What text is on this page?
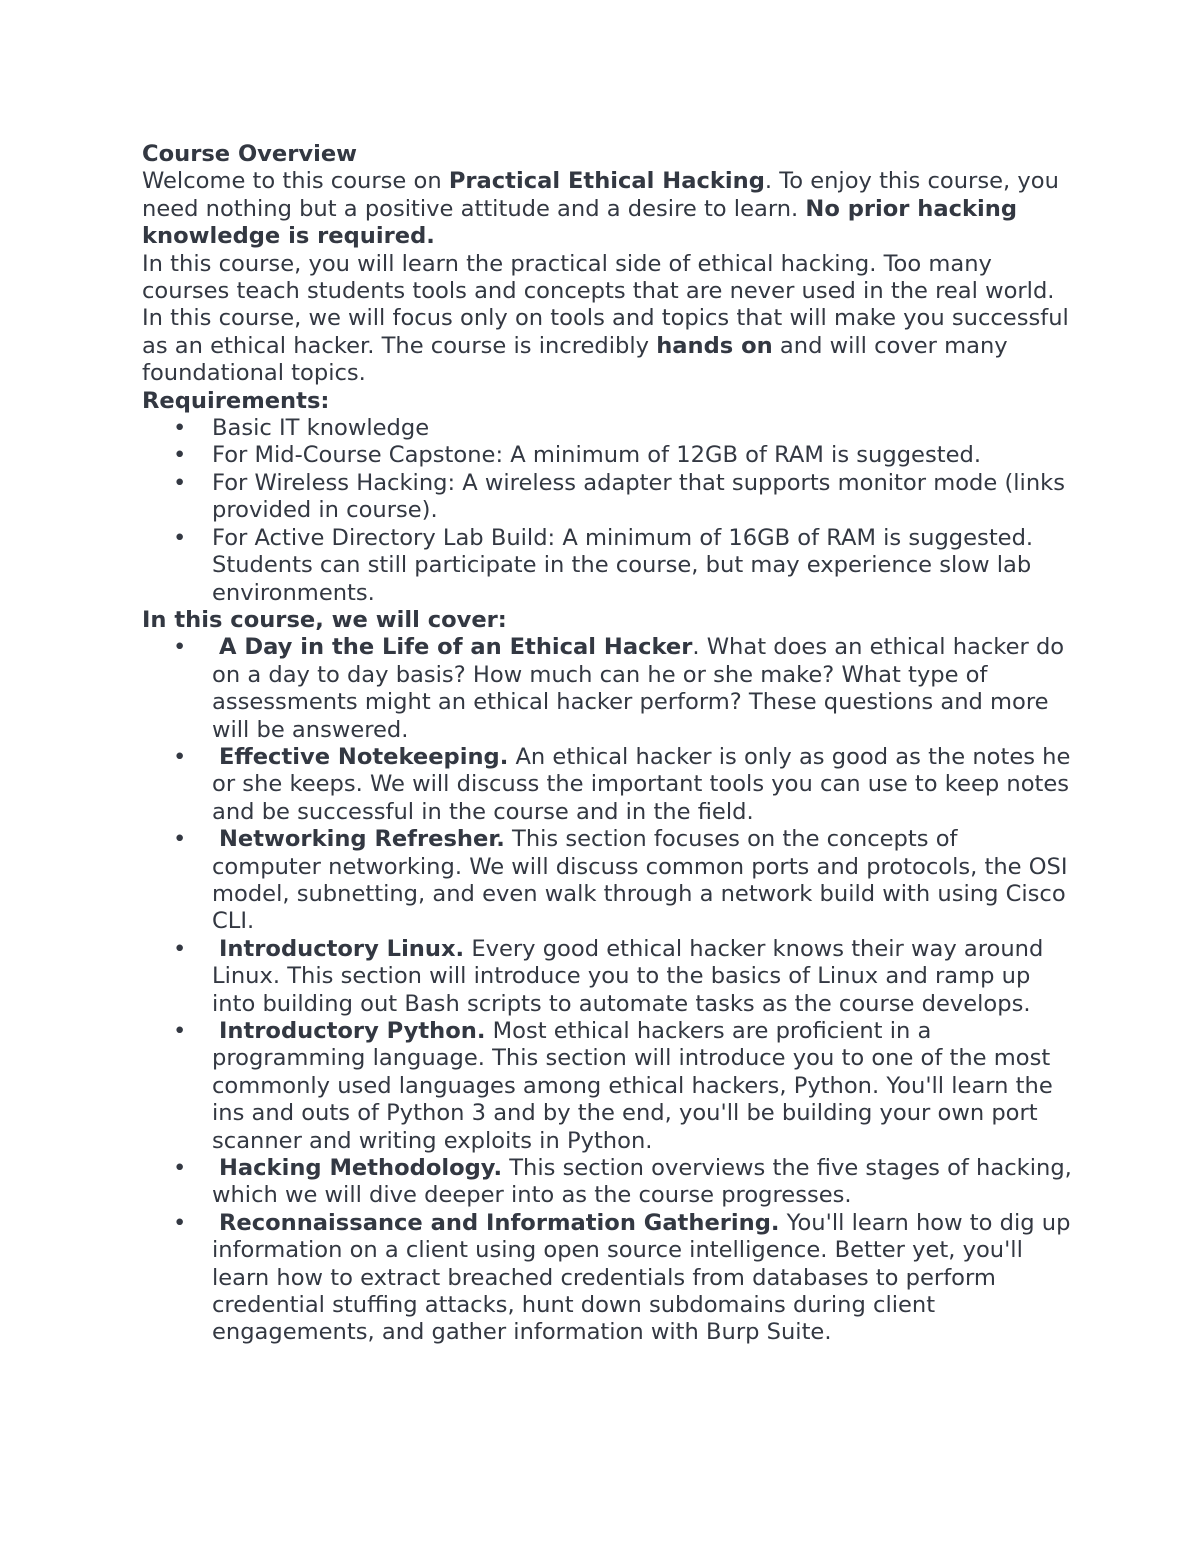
Course Overview

Welcome to this course on Practical Ethical Hacking. To enjoy this course, you need nothing but a positive attitude and a desire to learn. No prior hacking knowledge is required.

In this course, you will learn the practical side of ethical hacking. Too many courses teach students tools and concepts that are never used in the real world. In this course, we will focus only on tools and topics that will make you successful as an ethical hacker. The course is incredibly hands on and will cover many foundational topics.

Requirements:

• Basic IT knowledge
• For Mid-Course Capstone: A minimum of 12GB of RAM is suggested.
• For Wireless Hacking: A wireless adapter that supports monitor mode (links provided in course).
• For Active Directory Lab Build: A minimum of 16GB of RAM is suggested. Students can still participate in the course, but may experience slow lab environments.

In this course, we will cover:

• A Day in the Life of an Ethical Hacker. What does an ethical hacker do on a day to day basis? How much can he or she make? What type of assessments might an ethical hacker perform? These questions and more will be answered.
• Effective Notekeeping. An ethical hacker is only as good as the notes he or she keeps. We will discuss the important tools you can use to keep notes and be successful in the course and in the field.
• Networking Refresher. This section focuses on the concepts of computer networking. We will discuss common ports and protocols, the OSI model, subnetting, and even walk through a network build with using Cisco CLI.
• Introductory Linux. Every good ethical hacker knows their way around Linux. This section will introduce you to the basics of Linux and ramp up into building out Bash scripts to automate tasks as the course develops.
• Introductory Python. Most ethical hackers are proficient in a programming language. This section will introduce you to one of the most commonly used languages among ethical hackers, Python. You'll learn the ins and outs of Python 3 and by the end, you'll be building your own port scanner and writing exploits in Python.
• Hacking Methodology. This section overviews the five stages of hacking, which we will dive deeper into as the course progresses.
• Reconnaissance and Information Gathering. You'll learn how to dig up information on a client using open source intelligence. Better yet, you'll learn how to extract breached credentials from databases to perform credential stuffing attacks, hunt down subdomains during client engagements, and gather information with Burp Suite.
